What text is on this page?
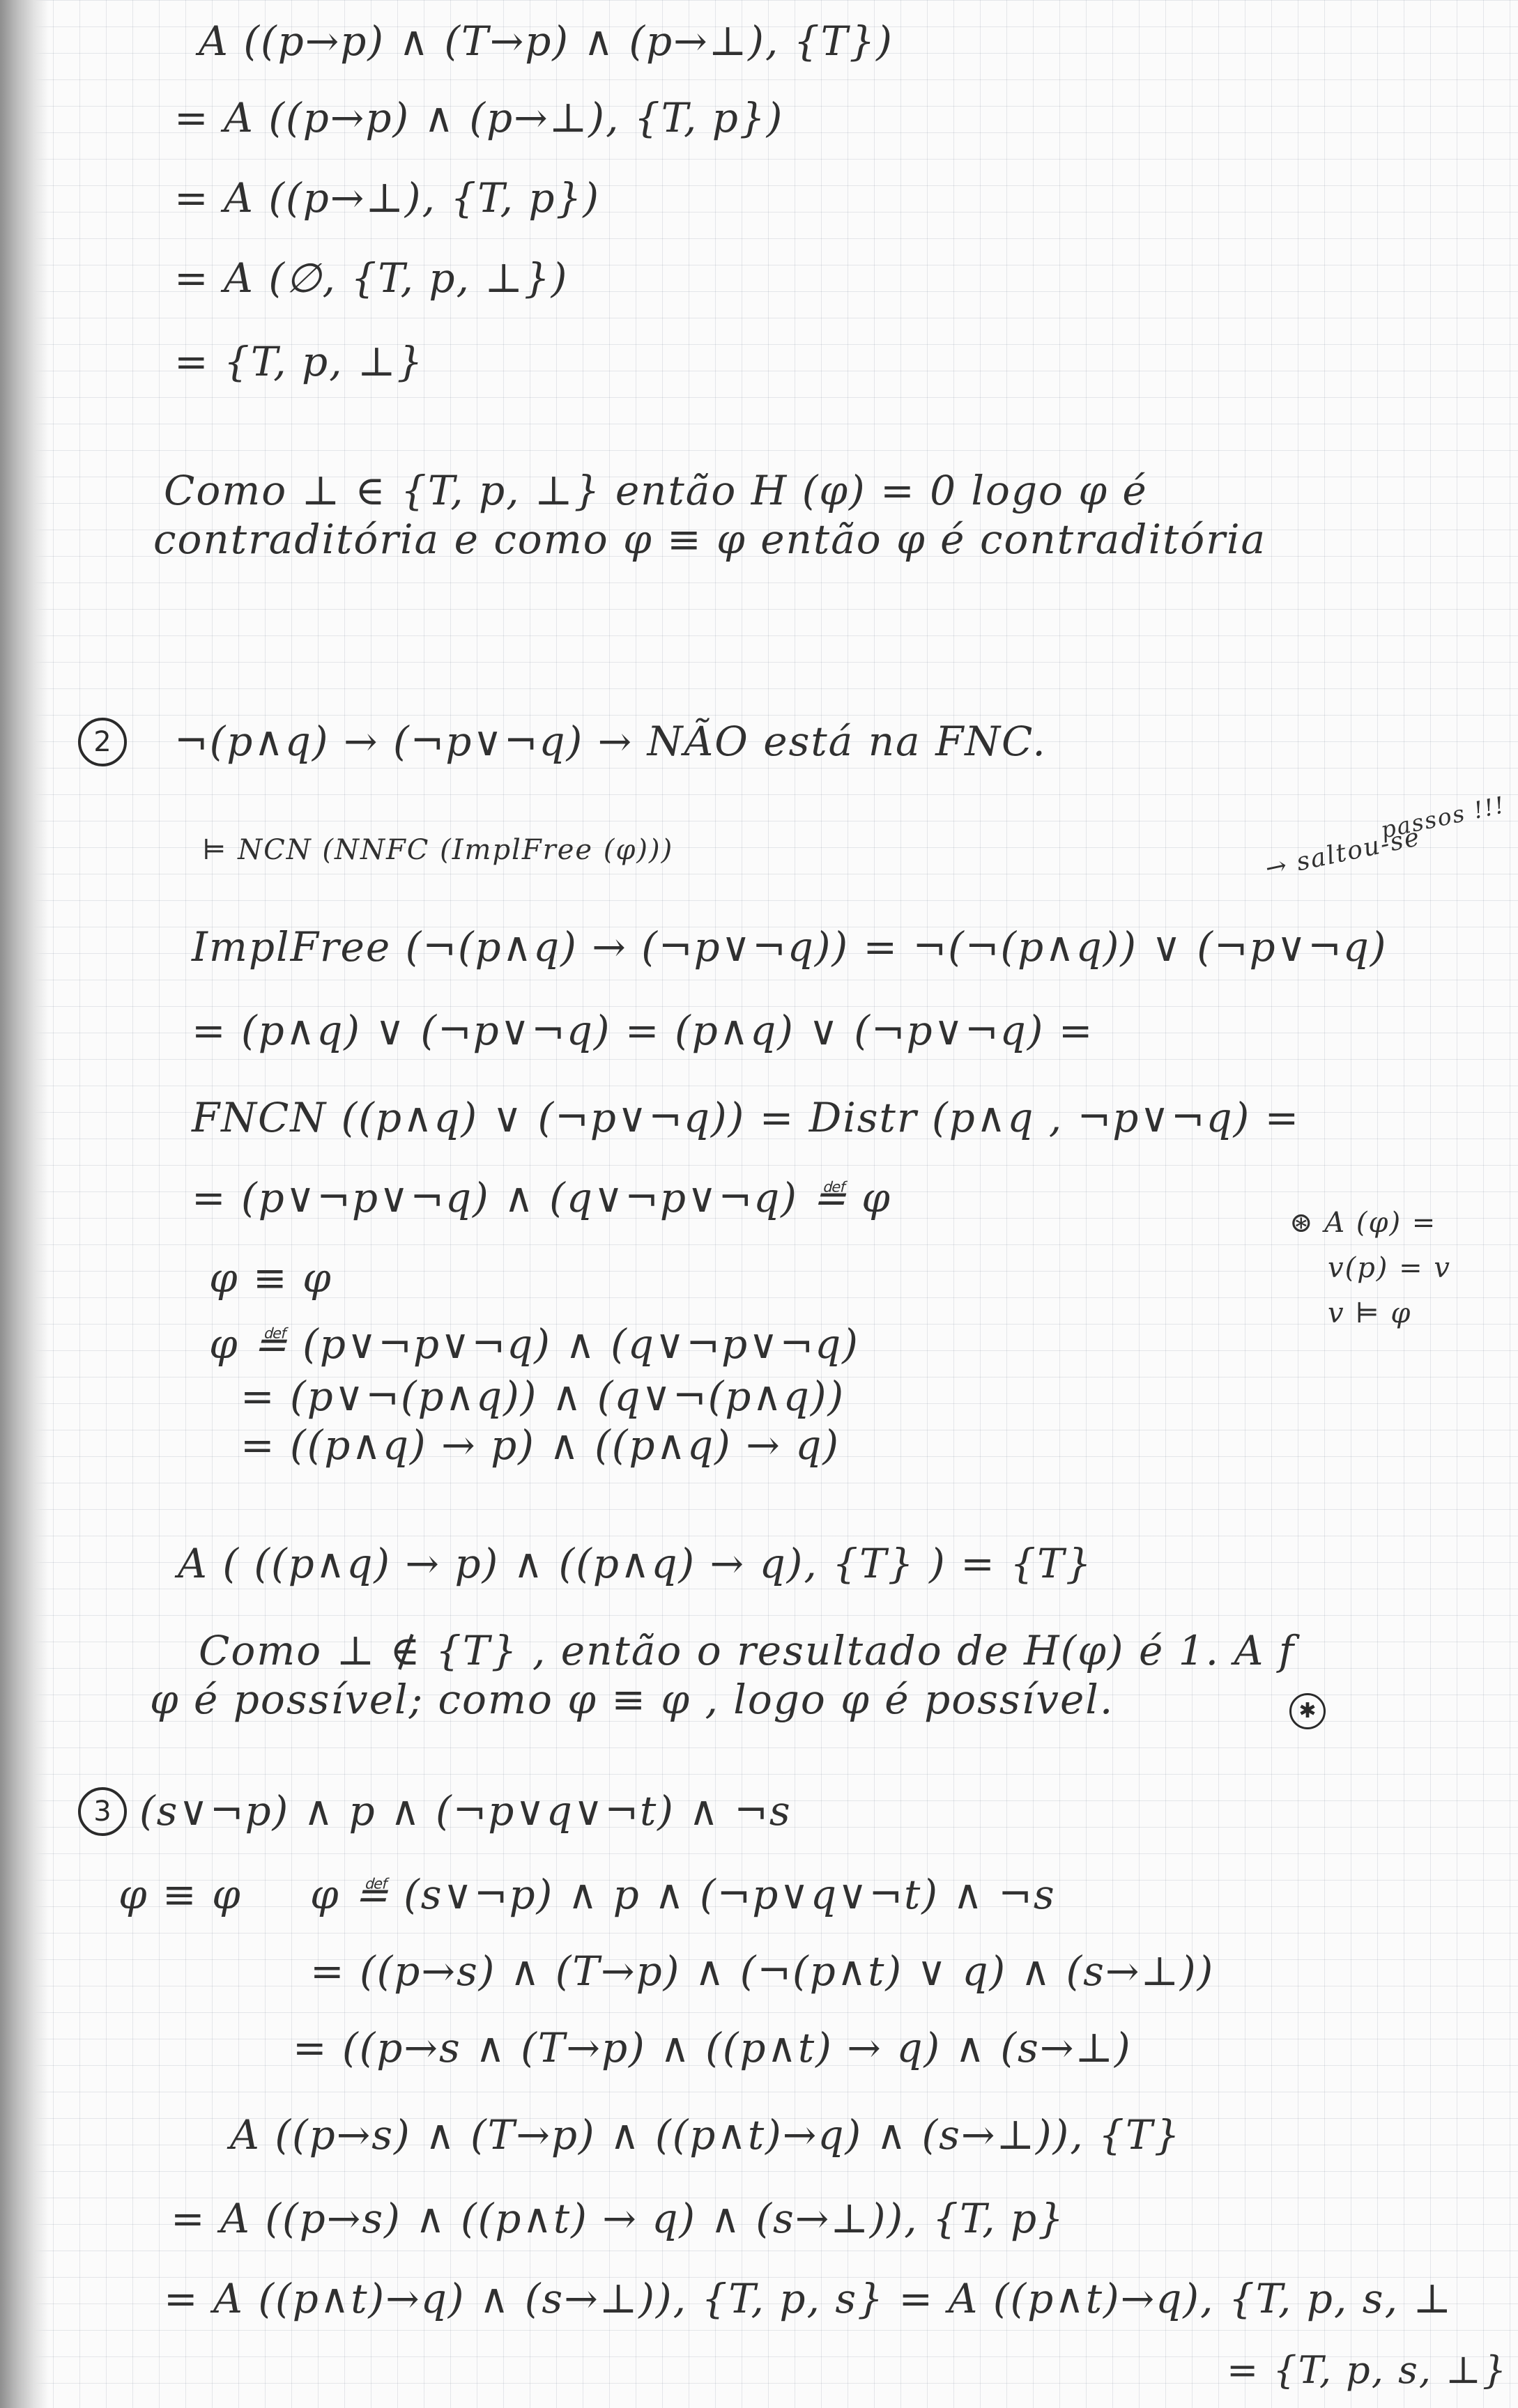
A ((p→p) ∧ (T→p) ∧ (p→⊥), {T})
= A ((p→p) ∧ (p→⊥), {T, p})
= A ((p→⊥), {T, p})
= A (∅, {T, p, ⊥})
= {T, p, ⊥}
Como ⊥ ∈ {T, p, ⊥} então H (φ) = 0 logo φ é
contraditória e como φ ≡ φ então φ é contraditória
2	¬(p∧q) → (¬p∨¬q) → NÃO está na FNC.
⊨ NCN (NNFC (ImplFree (φ)))	→ saltou-se
passos !!!
ImplFree (¬(p∧q) → (¬p∨¬q)) = ¬(¬(p∧q)) ∨ (¬p∨¬q)
= (p∧q) ∨ (¬p∨¬q) = (p∧q) ∨ (¬p∨¬q) =
FNCN ((p∧q) ∨ (¬p∨¬q)) = Distr (p∧q , ¬p∨¬q) =
= (p∨¬p∨¬q) ∧ (q∨¬p∨¬q) ≝ φ
φ ≡ φ
φ ≝ (p∨¬p∨¬q) ∧ (q∨¬p∨¬q)
= (p∨¬(p∧q)) ∧ (q∨¬(p∧q))
= ((p∧q) → p) ∧ ((p∧q) → q)
⊛ A (φ) =
v(p) = v
v ⊨ φ
A ( ((p∧q) → p) ∧ ((p∧q) → q), {T} ) = {T}
Como ⊥ ∉ {T} , então o resultado de H(φ) é 1. A f
φ é possível; como φ ≡ φ , logo φ é possível.	✱
3 (s∨¬p) ∧ p ∧ (¬p∨q∨¬t) ∧ ¬s
φ ≡ φ φ ≝ (s∨¬p) ∧ p ∧ (¬p∨q∨¬t) ∧ ¬s
= ((p→s) ∧ (T→p) ∧ (¬(p∧t) ∨ q) ∧ (s→⊥))
= ((p→s ∧ (T→p) ∧ ((p∧t) → q) ∧ (s→⊥)
A ((p→s) ∧ (T→p) ∧ ((p∧t)→q) ∧ (s→⊥)), {T}
= A ((p→s) ∧ ((p∧t) → q) ∧ (s→⊥)), {T, p}
= A ((p∧t)→q) ∧ (s→⊥)), {T, p, s} = A ((p∧t)→q), {T, p, s, ⊥
= {T, p, s, ⊥}
